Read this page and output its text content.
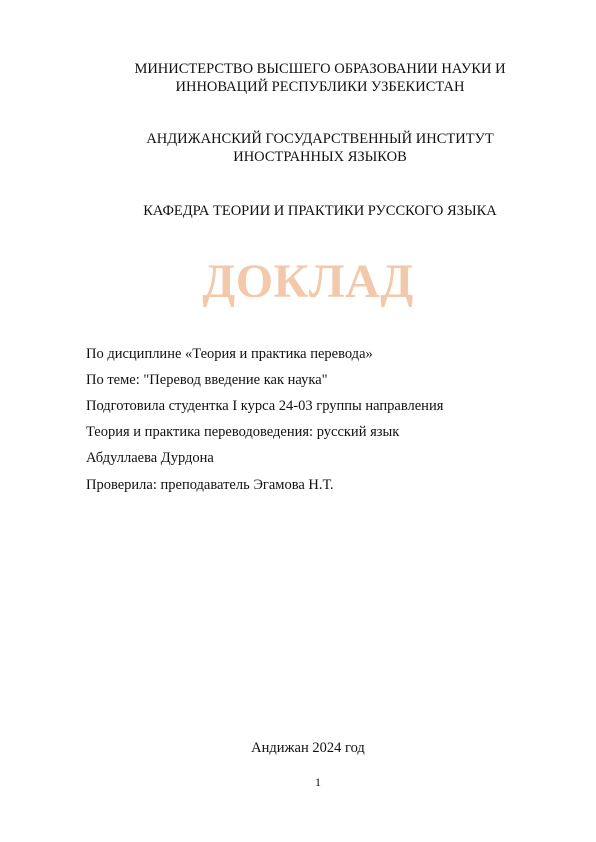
МИНИСТЕРСТВО ВЫСШЕГО ОБРАЗОВАНИИ НАУКИ И
ИННОВАЦИЙ РЕСПУБЛИКИ УЗБЕКИСТАН
АНДИЖАНСКИЙ ГОСУДАРСТВЕННЫЙ ИНСТИТУТ
ИНОСТРАННЫХ ЯЗЫКОВ
КАФЕДРА ТЕОРИИ И ПРАКТИКИ РУССКОГО ЯЗЫКА
ДОКЛАД
По дисциплине «Теория и практика перевода»
По теме: "Перевод введение как наука"
Подготовила студентка I курса 24-03 группы направления
Теория и практика переводоведения: русский язык
Абдуллаева Дурдона
Проверила: преподаватель Эгамова Н.Т.
Андижан 2024 год
1
